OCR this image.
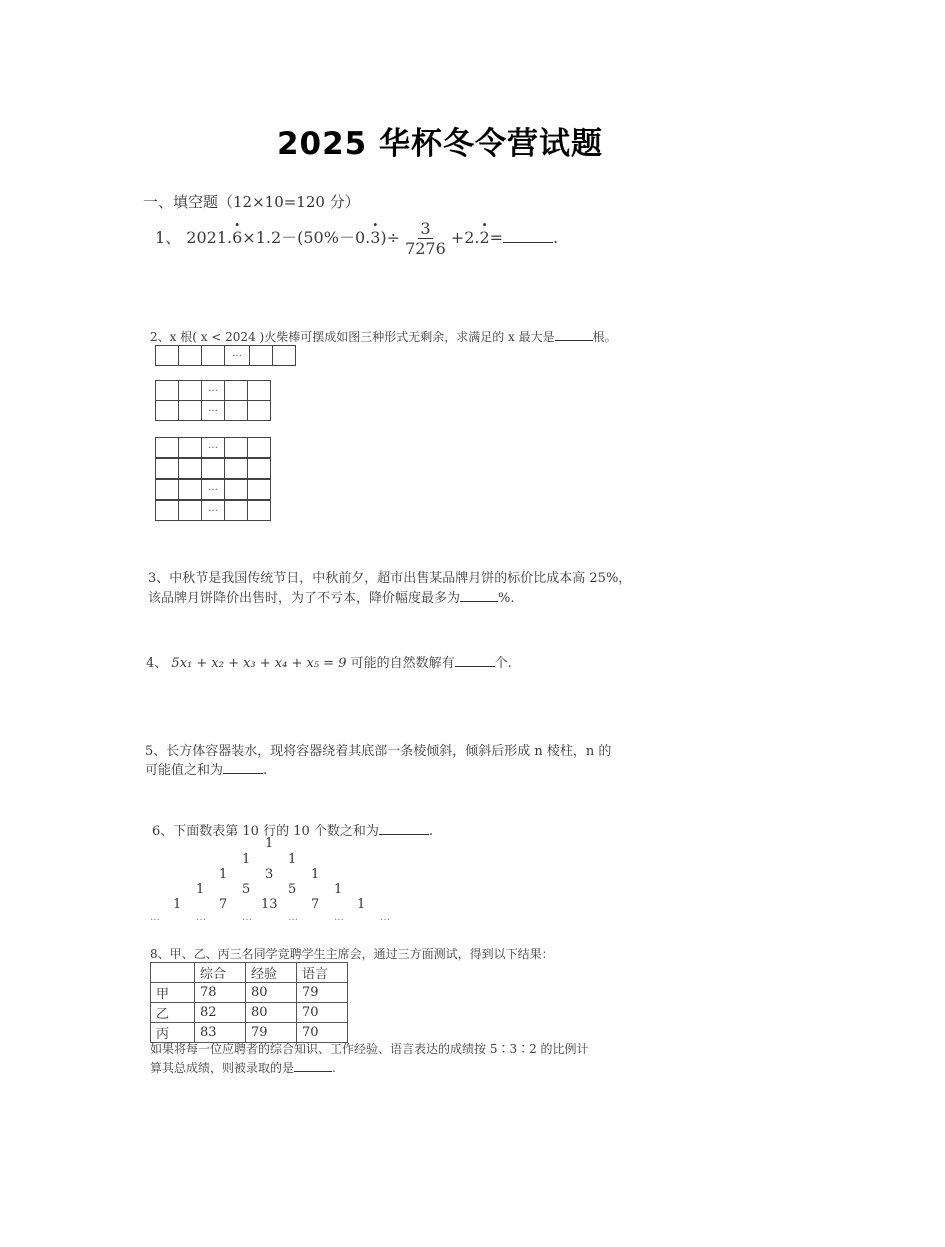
2025 华杯冬令营试题
一、填空题（12×10=120 分）
1、 $2021.\cdot 6\times 1.2-(50\%-0.\cdot 3)\div \frac{3}{7276} +2.\cdot 2=$	.
2、x 根( x < 2024 )火柴棒可摆成如图三种形式无剩余，求满足的 x 最大是	根。
…
…
…
…
…
…
3、中秋节是我国传统节日，中秋前夕，超市出售某品牌月饼的标价比成本高 25%，
该品牌月饼降价出售时，为了不亏本，降价幅度最多为	%.
4、 5x₁ + x₂ + x₃ + x₄ + x₅ = 9 可能的自然数解有	个.
5、长方体容器装水，现将容器绕着其底部一条棱倾斜，倾斜后形成 n 棱柱，n 的
可能值之和为	.
6、下面数表第 10 行的 10 个数之和为	.
1
1	1
1	3	1
1	5	5	1
1	7	13	7	1
…	…	…	…	…	…
8、甲、乙、丙三名同学竞聘学生主席会，通过三方面测试，得到以下结果：
	综合	经验	语言
甲	78	80	79
乙	82	80	70
丙	83	79	70
如果将每一位应聘者的综合知识、工作经验、语言表达的成绩按 5∶3∶2 的比例计
算其总成绩，则被录取的是	.
